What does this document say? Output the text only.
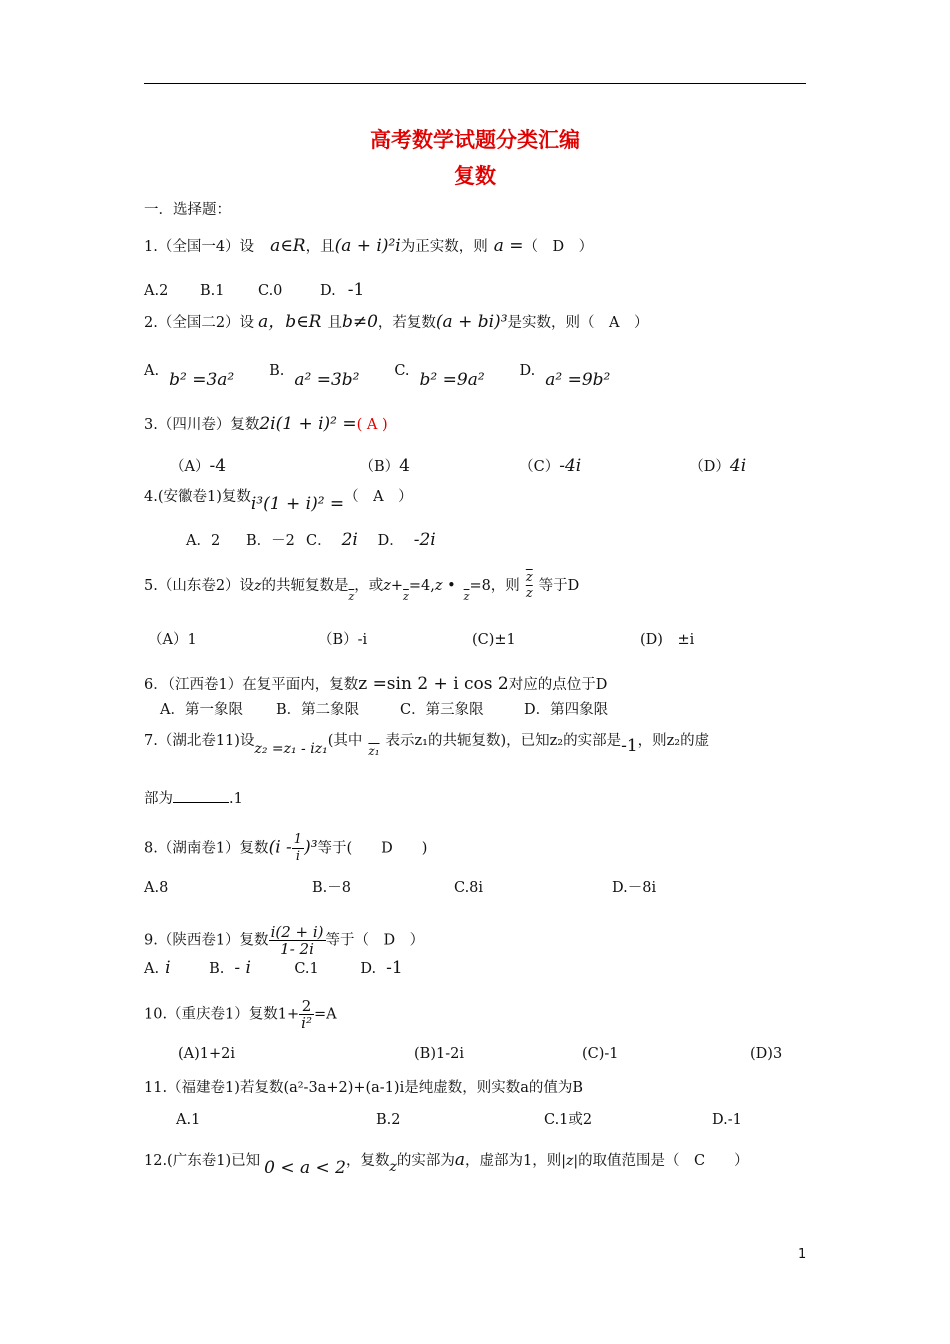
高考数学试题分类汇编
复数
一．选择题：
1.（全国一4）设 a∈R，且(a + i)²i为正实数，则 a =（　D　）
A.2 B.1 C.0	D. -1
2.（全国二2）设 a，b∈R 且b≠0，若复数(a + bi)³是实数，则（　A　）
A. b² =3a² B. a² =3b² C. b² =9a² D. a² =9b²
3.（四川卷）复数2i(1 + i)² =( A )
（A）-4	（B）4	（C）-4i	（D）4i
4.(安徽卷1)复数i³(1 + i)² =（　A　）
A．2 B．－2 C． 2i D． -2i
5.（山东卷2）设z的共轭复数是$_{\overline{z}}$，或$z+_{\overline{z}}=4,z$ $•_{\overline{z}}=8$，则 $\frac{\overline{z}}{z}$ 等于D
（A）1	（B）-i	(C)±1	(D)　±i
6．（江西卷1）在复平面内，复数z =sin 2 + i cos 2对应的点位于D
A．第一象限 B．第二象限	C．第三象限	D．第四象限
7.（湖北卷11)设z₂ =z₁ - iz₁(其中$_{z_1}$表示z₁的共轭复数)，已知z₂的实部是-1，则z₂的虚
部为	.1
8.（湖南卷1）复数$(i - \frac{1}{i} )^3$等于(　　D　　)
A.8	B.－8	C.8i	D.－8i
9.（陕西卷1）复数 $\frac{i(2 + i)}{1- 2i}$ 等于（　D　）
A. i	B. - i	C.1	D. -1
10.（重庆卷1）复数$1+ \frac{2}{\text{i²}} =A$
(A)1+2i	(B)1-2i	(C)-1	(D)3
11.（福建卷1)若复数(a²-3a+2)+(a-1)i是纯虚数，则实数a的值为B
A.1	B.2	C.1或2	D.-1
12.(广东卷1)已知 0 < a < 2，复数z的实部为a，虚部为1，则|z|的取值范围是（　C　　）
1
